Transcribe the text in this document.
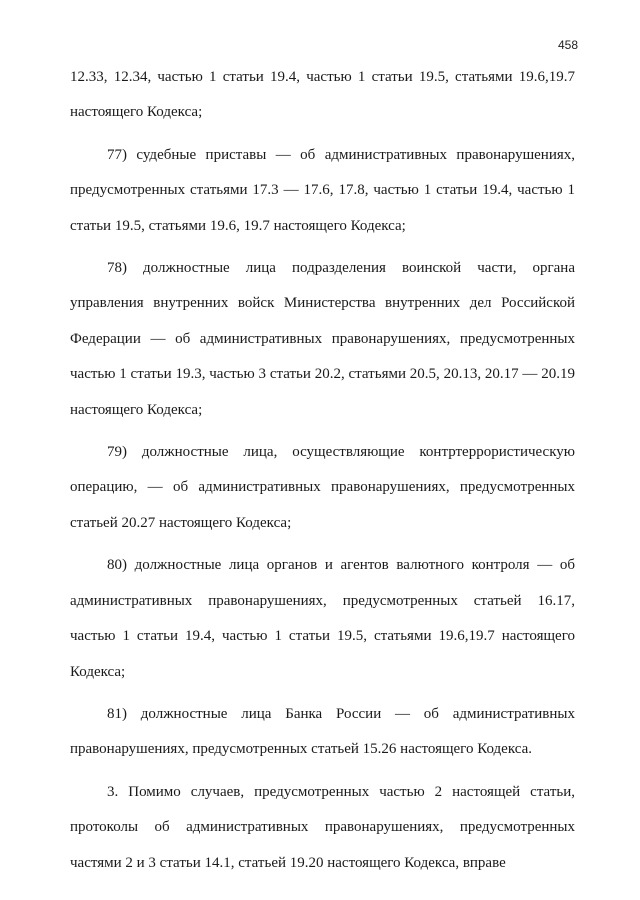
458

12.33, 12.34, частью 1 статьи 19.4, частью 1 статьи 19.5, статьями 19.6,19.7 настоящего Кодекса;

77) судебные приставы — об административных правонарушениях, предусмотренных статьями 17.3 — 17.6, 17.8, частью 1 статьи 19.4, частью 1 статьи 19.5, статьями 19.6, 19.7 настоящего Кодекса;

78) должностные лица подразделения воинской части, органа управления внутренних войск Министерства внутренних дел Российской Федерации — об административных правонарушениях, предусмотренных частью 1 статьи 19.3, частью 3 статьи 20.2, статьями 20.5, 20.13, 20.17 — 20.19 настоящего Кодекса;

79) должностные лица, осуществляющие контртеррористическую операцию, — об административных правонарушениях, предусмотренных статьей 20.27 настоящего Кодекса;

80) должностные лица органов и агентов валютного контроля — об административных правонарушениях, предусмотренных статьей 16.17, частью 1 статьи 19.4, частью 1 статьи 19.5, статьями 19.6,19.7 настоящего Кодекса;

81) должностные лица Банка России — об административных правонарушениях, предусмотренных статьей 15.26 настоящего Кодекса.

3. Помимо случаев, предусмотренных частью 2 настоящей статьи, протоколы об административных правонарушениях, предусмотренных частями 2 и 3 статьи 14.1, статьей 19.20 настоящего Кодекса, вправе
